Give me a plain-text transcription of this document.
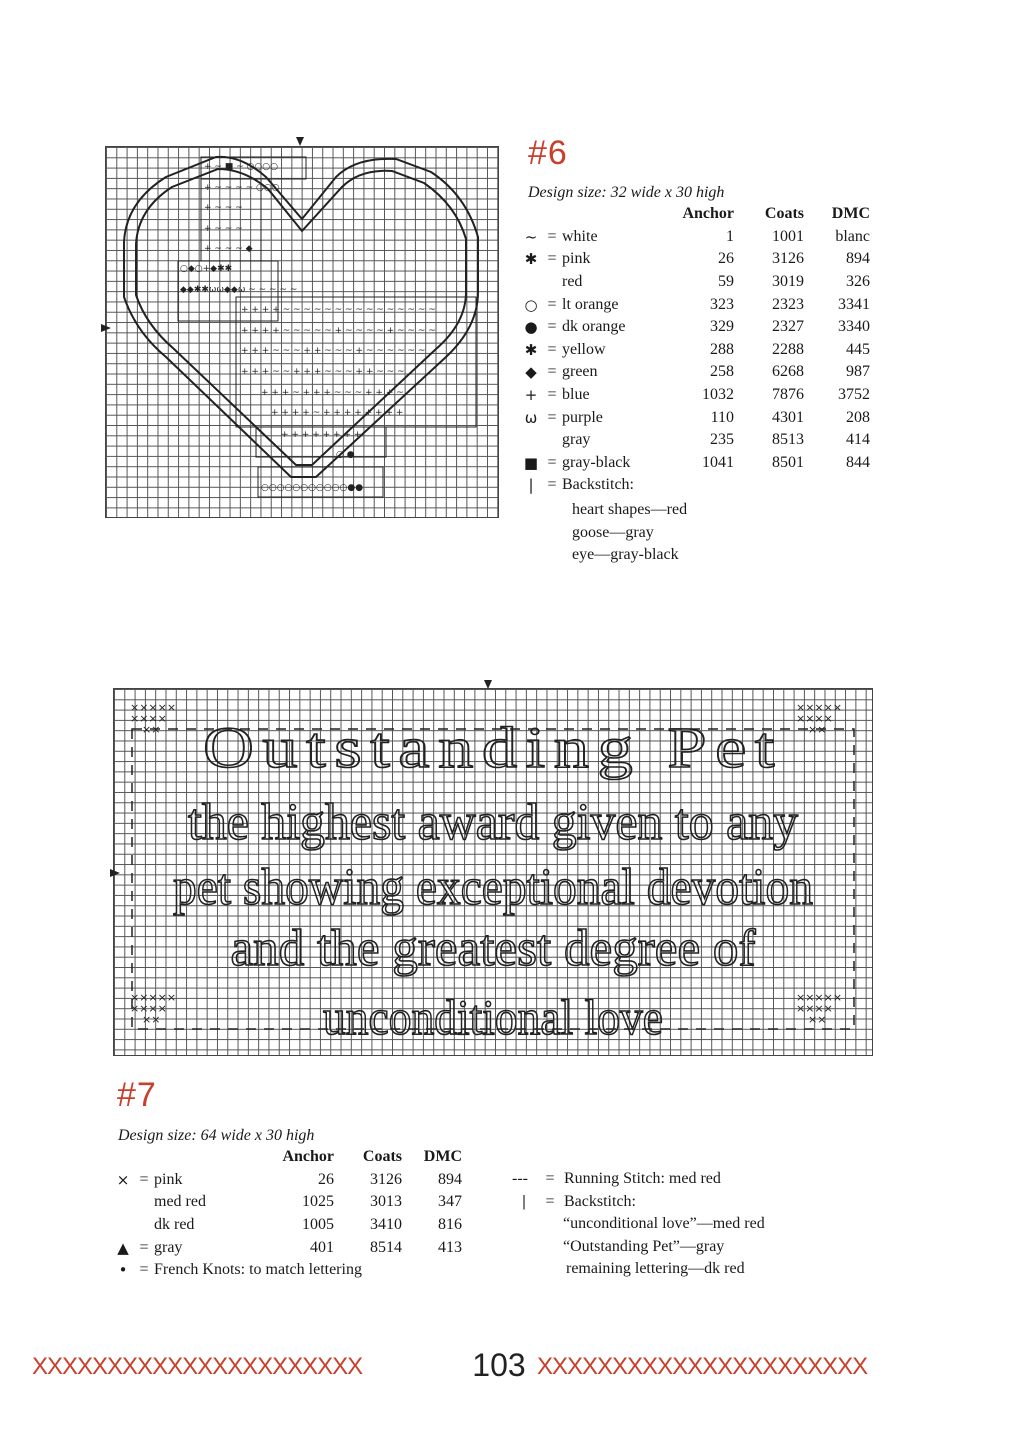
+ ~ ■ ~ ○○○○
+ ~ ~ ~ ~ ○○○
+ ~ ~ ~
+ ~ ~ ~
+ ~ ~ ~ ◆
○◆○+◆✱✱
◆◆✱✱ωω◆◆ω ~ ~ ~ ~ ~
+ + + + ~ ~ ~ ~ ~ ~ ~ ~ ~ ~ ~ ~ ~ ~ ~
+ + + + ~ ~ ~ ~ ~ + ~ ~ ~ ~ + ~ ~ ~ ~
+ + + ~ ~ ~ + + ~ ~ ~ + ~ ~ ~ ~ ~ ~
+ + + ~ ~ + + + ~ ~ ~ + + ~ ~ ~
+ + + ~ + + + ~ ~ ~ + + + ~
+ + + + ~ + + + + + + + +
+ + + + + + + +
○ ●
○○○○○○○○○○○●●
#6
Design size: 32 wide x 30 high
			Anchor	Coats	DMC
~	=	white	1	1001	blanc
✱	=	pink	26	3126	894
		red	59	3019	326
○	=	lt orange	323	2323	3341
●	=	dk orange	329	2327	3340
✱	=	yellow	288	2288	445
◆	=	green	258	6268	987
+	=	blue	1032	7876	3752
ω	=	purple	110	4301	208
		gray	235	8513	414
■	=	gray-black	1041	8501	844
|	=	Backstitch:			
heart shapes—red
goose—gray
eye—gray-black
×××××
××××
××
×××××
××××
××
×××××
××××
××
×××××
××××
××
Outstanding Pet
the highest award given to any
pet showing exceptional devotion
and the greatest degree of
unconditional love
#7
Design size: 64 wide x 30 high
			Anchor	Coats	DMC
×	=	pink	26	3126	894
		med red	1025	3013	347
		dk red	1005	3410	816
▲	=	gray	401	8514	413
•	=	French Knots: to match lettering			
--- = Running Stitch: med red
| = Backstitch:
“unconditional love”—med red
“Outstanding Pet”—gray
remaining lettering—dk red
XXXXXXXXXXXXXXXXXXXXXX	103 XXXXXXXXXXXXXXXXXXXXXX
